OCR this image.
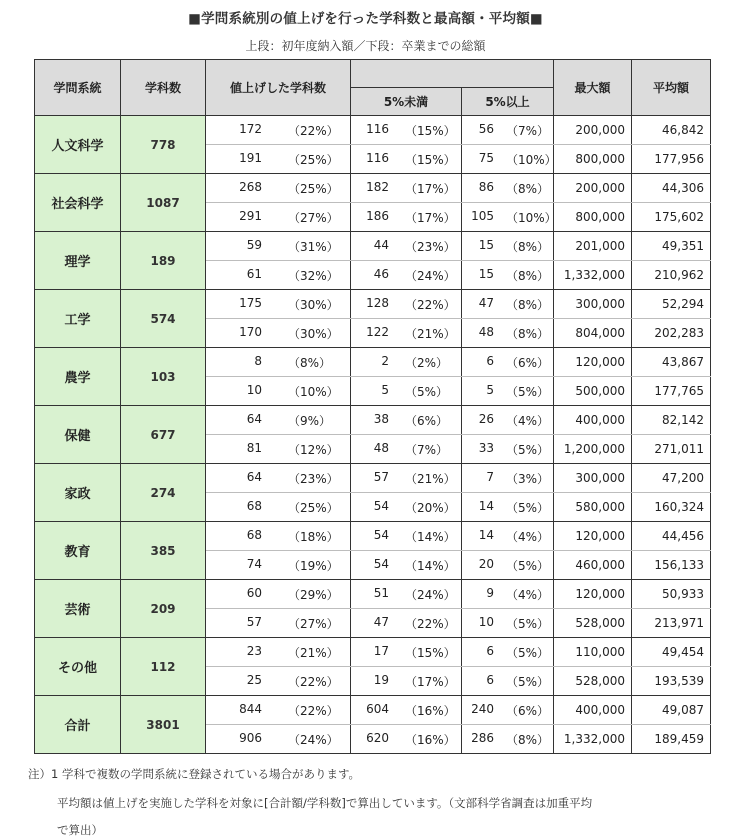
■学問系統別の値上げを行った学科数と最高額・平均額■
上段：初年度納入額／下段：卒業までの総額
学問系統	学科数	値上げした学科数			最大額	平均額
			5%未満	5%以上		
人文科学	778	172 （22%）	116 （15%）	56 （7%）	200,000	46,842

		191 （25%）	116 （15%）	75 （10%）	800,000	177,956
社会科学	1087	268 （25%）	182 （17%）	86 （8%）	200,000	44,306

		291 （27%）	186 （17%）	105 （10%）	800,000	175,602
理学	189	59 （31%）	44 （23%）	15 （8%）	201,000	49,351

		61 （32%）	46 （24%）	15 （8%）	1,332,000	210,962
工学	574	175 （30%）	128 （22%）	47 （8%）	300,000	52,294

		170 （30%）	122 （21%）	48 （8%）	804,000	202,283
農学	103	8 （8%）	2 （2%）	6 （6%）	120,000	43,867

		10 （10%）	5 （5%）	5 （5%）	500,000	177,765
保健	677	64 （9%）	38 （6%）	26 （4%）	400,000	82,142

		81 （12%）	48 （7%）	33 （5%）	1,200,000	271,011
家政	274	64 （23%）	57 （21%）	7 （3%）	300,000	47,200

		68 （25%）	54 （20%）	14 （5%）	580,000	160,324
教育	385	68 （18%）	54 （14%）	14 （4%）	120,000	44,456

		74 （19%）	54 （14%）	20 （5%）	460,000	156,133
芸術	209	60 （29%）	51 （24%）	9 （4%）	120,000	50,933

		57 （27%）	47 （22%）	10 （5%）	528,000	213,971
その他	112	23 （21%）	17 （15%）	6 （5%）	110,000	49,454

		25 （22%）	19 （17%）	6 （5%）	528,000	193,539
合計	3801	844 （22%）	604 （16%）	240 （6%）	400,000	49,087

		906 （24%）	620 （16%）	286 （8%）	1,332,000	189,459
注）1 学科で複数の学問系統に登録されている場合があります。
平均額は値上げを実施した学科を対象に[合計額/学科数]で算出しています。（文部科学省調査は加重平均
で算出）
